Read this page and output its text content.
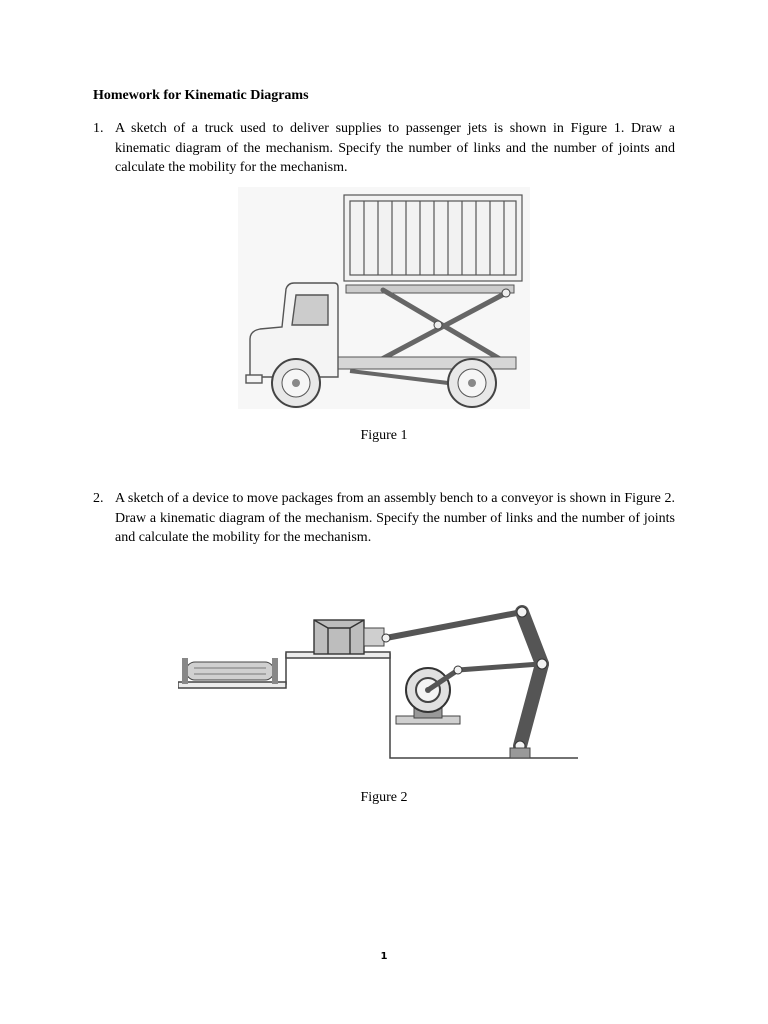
Homework for Kinematic Diagrams
1. A sketch of a truck used to deliver supplies to passenger jets is shown in Figure 1. Draw a kinematic diagram of the mechanism. Specify the number of links and the number of joints and calculate the mobility for the mechanism.
Figure 1
2. A sketch of a device to move packages from an assembly bench to a conveyor is shown in Figure 2. Draw a kinematic diagram of the mechanism. Specify the number of links and the number of joints and calculate the mobility for the mechanism.
Figure 2
1
